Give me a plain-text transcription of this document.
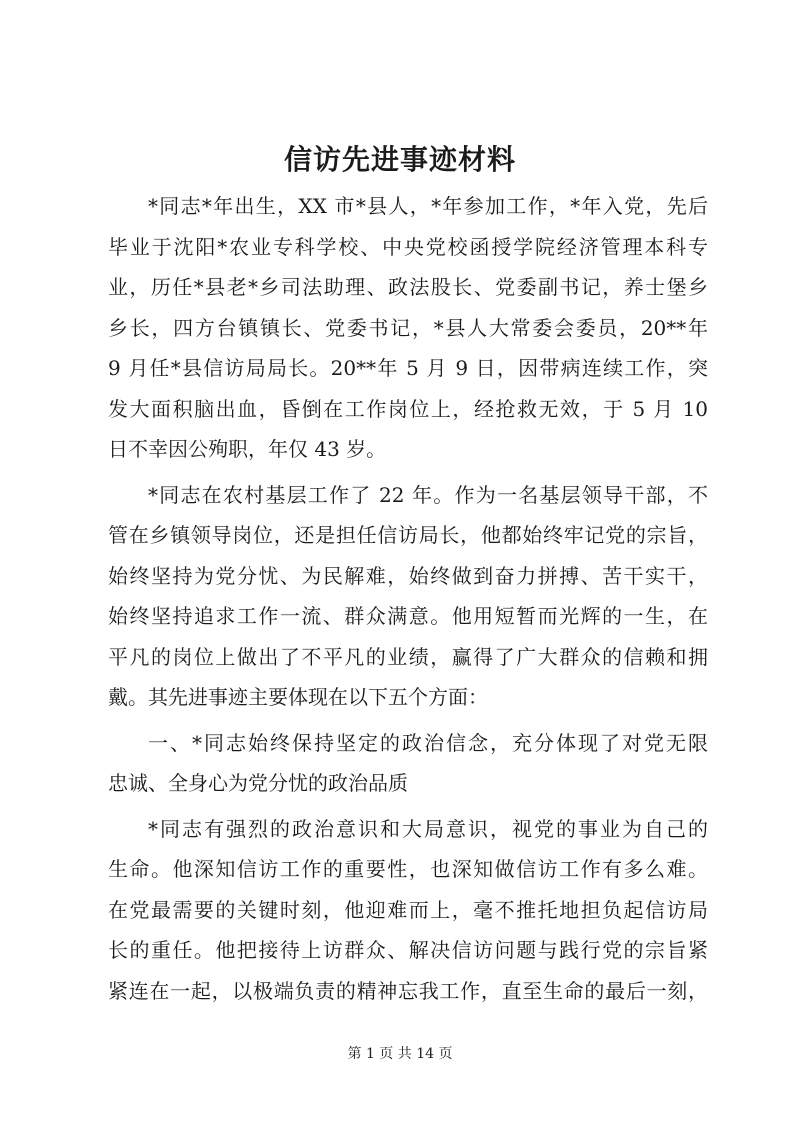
信访先进事迹材料
*同志*年出生，XX 市*县人，*年参加工作，*年入党，先后
毕业于沈阳*农业专科学校、中央党校函授学院经济管理本科专
业，历任*县老*乡司法助理、政法股长、党委副书记，养士堡乡
乡长，四方台镇镇长、党委书记，*县人大常委会委员，20**年
9 月任*县信访局局长。20**年 5 月 9 日，因带病连续工作，突
发大面积脑出血，昏倒在工作岗位上，经抢救无效，于 5 月 10
日不幸因公殉职，年仅 43 岁。
*同志在农村基层工作了 22 年。作为一名基层领导干部，不
管在乡镇领导岗位，还是担任信访局长，他都始终牢记党的宗旨，
始终坚持为党分忧、为民解难，始终做到奋力拼搏、苦干实干，
始终坚持追求工作一流、群众满意。他用短暂而光辉的一生，在
平凡的岗位上做出了不平凡的业绩，赢得了广大群众的信赖和拥
戴。其先进事迹主要体现在以下五个方面：
一、*同志始终保持坚定的政治信念，充分体现了对党无限
忠诚、全身心为党分忧的政治品质
*同志有强烈的政治意识和大局意识，视党的事业为自己的
生命。他深知信访工作的重要性，也深知做信访工作有多么难。
在党最需要的关键时刻，他迎难而上，毫不推托地担负起信访局
长的重任。他把接待上访群众、解决信访问题与践行党的宗旨紧
紧连在一起，以极端负责的精神忘我工作，直至生命的最后一刻，
第 1 页 共 14 页
